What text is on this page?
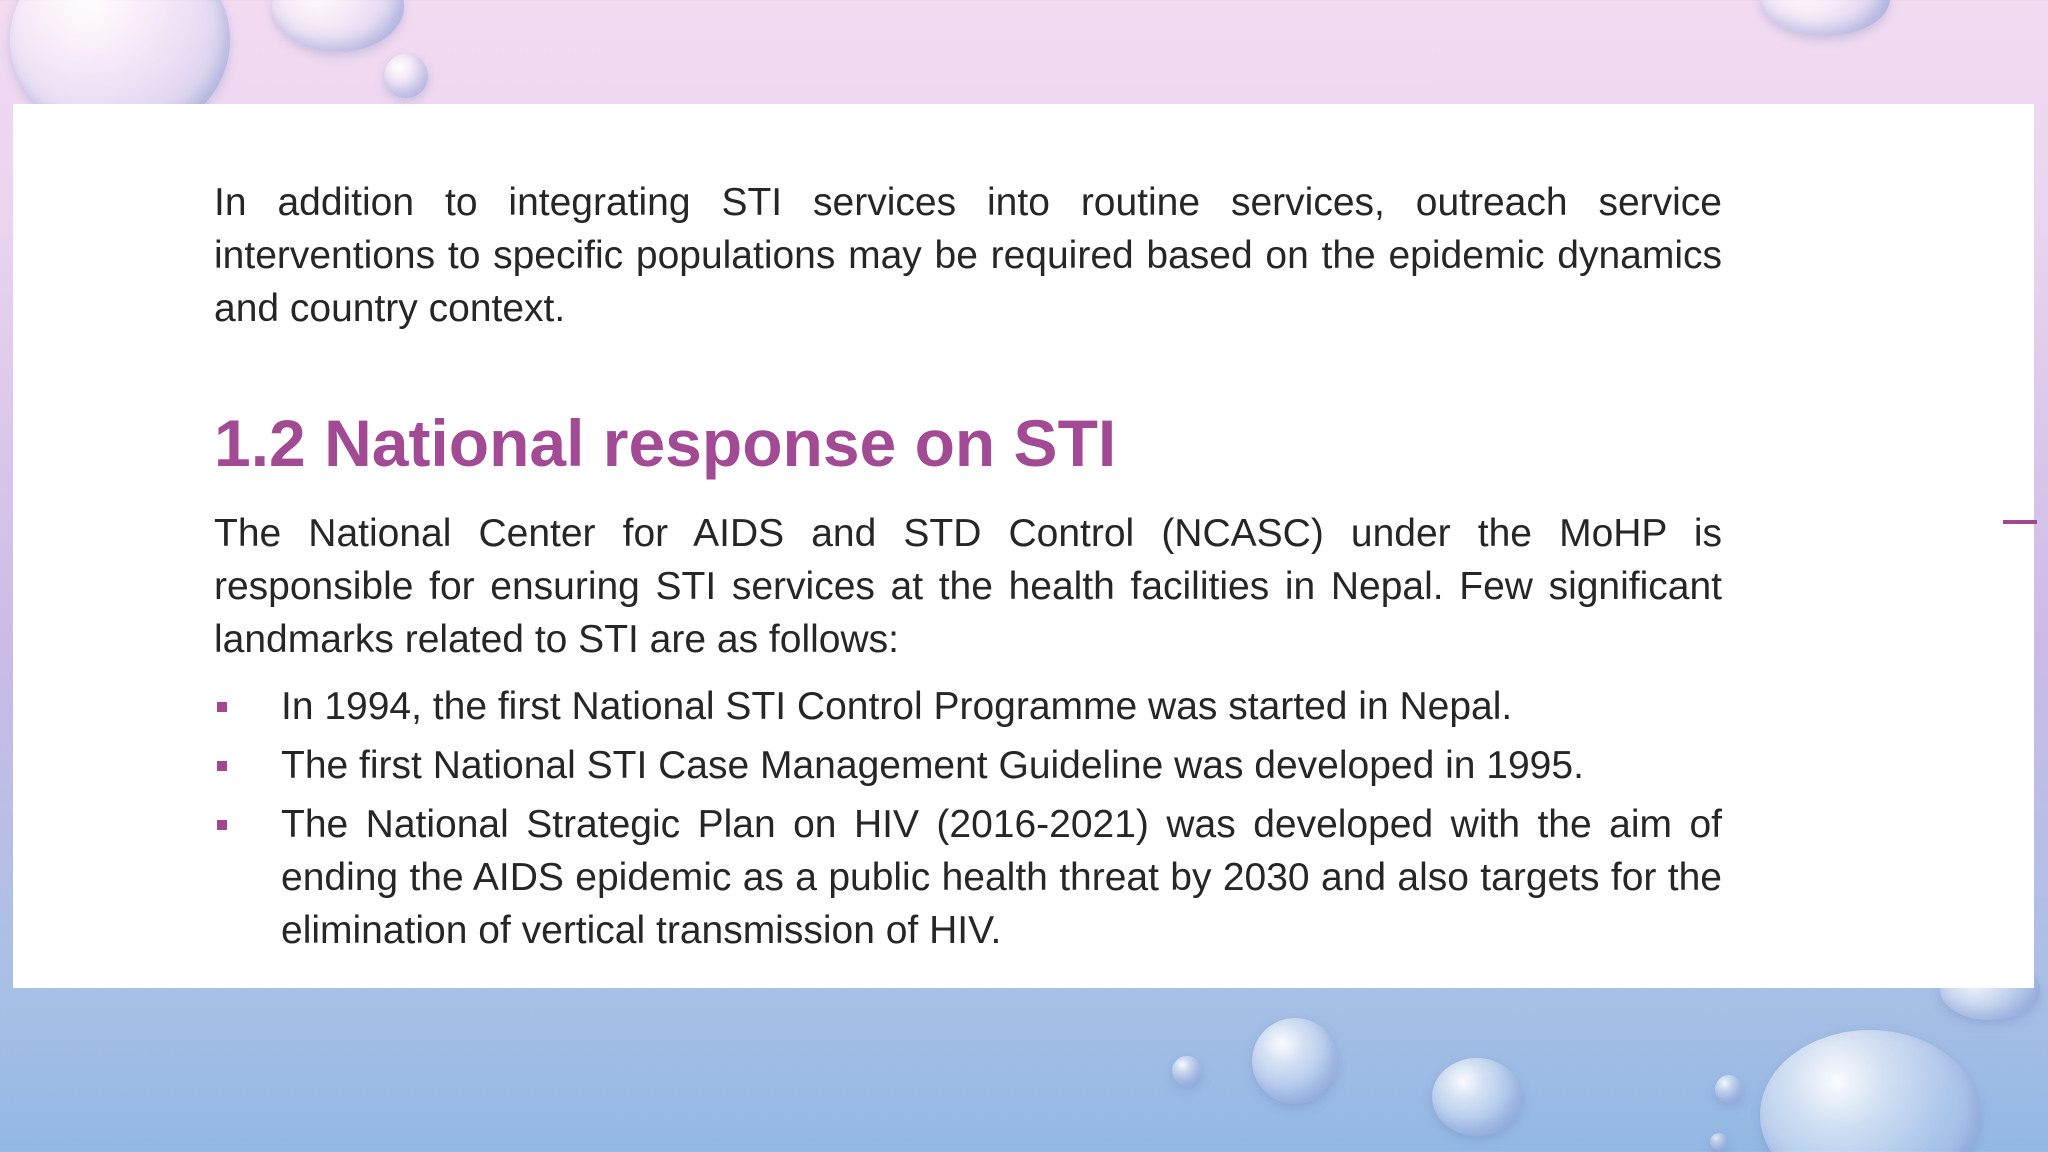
In addition to integrating STI services into routine services, outreach service interventions to specific populations may be required based on the epidemic dynamics and country context.

1.2 National response on STI

The National Center for AIDS and STD Control (NCASC) under the MoHP is responsible for ensuring STI services at the health facilities in Nepal. Few significant landmarks related to STI are as follows:

In 1994, the first National STI Control Programme was started in Nepal.
The first National STI Case Management Guideline was developed in 1995.
The National Strategic Plan on HIV (2016-2021) was developed with the aim of ending the AIDS epidemic as a public health threat by 2030 and also targets for the elimination of vertical transmission of HIV.
